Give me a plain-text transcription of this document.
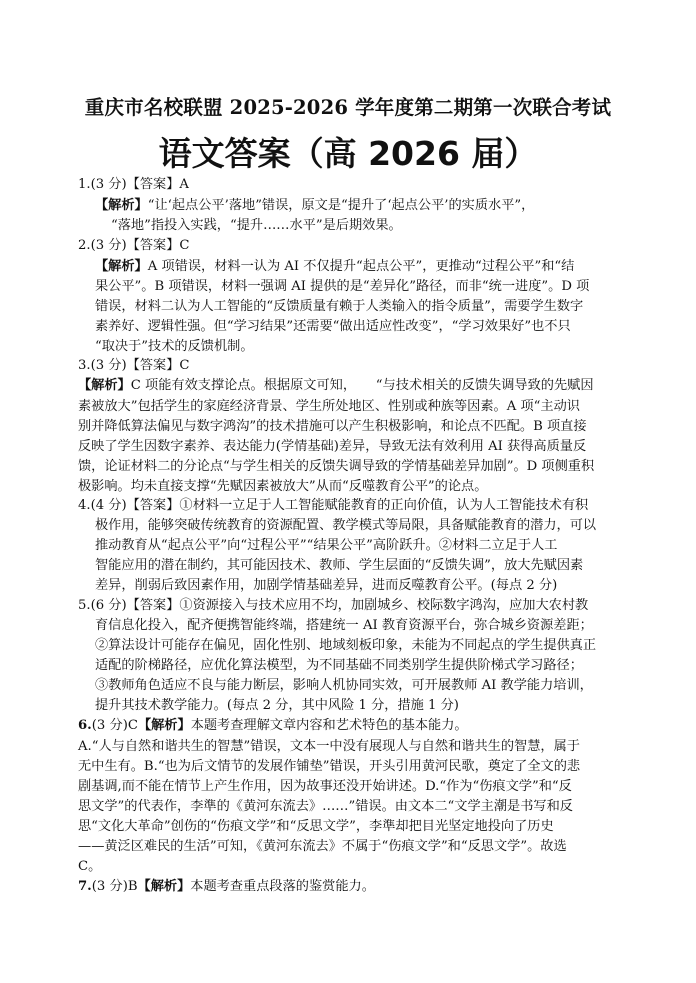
重庆市名校联盟 2025-2026 学年度第二期第一次联合考试
语文答案（高 2026 届）
1.(3 分)【答案】A
【解析】“让‘起点公平’落地”错误，原文是“提升了‘起点公平’的实质水平”，
“落地”指投入实践，“提升……水平”是后期效果。
2.(3 分)【答案】C
【解析】A 项错误，材料一认为 AI 不仅提升“起点公平”，更推动“过程公平”和“结
果公平”。B 项错误，材料一强调 AI 提供的是“差异化”路径，而非“统一进度”。D 项
错误，材料二认为人工智能的“反馈质量有赖于人类输入的指令质量”，需要学生数字
素养好、逻辑性强。但“学习结果”还需要“做出适应性改变”，“学习效果好”也不只
“取决于”技术的反馈机制。
3.(3 分)【答案】C
【解析】C 项能有效支撑论点。根据原文可知，　　“与技术相关的反馈失调导致的先赋因
素被放大”包括学生的家庭经济背景、学生所处地区、性别或种族等因素。A 项“主动识
别并降低算法偏见与数字鸿沟”的技术措施可以产生积极影响，和论点不匹配。B 项直接
反映了学生因数字素养、表达能力(学情基础)差异，导致无法有效利用 AI 获得高质量反
馈，论证材料二的分论点“与学生相关的反馈失调导致的学情基础差异加剧”。D 项侧重积
极影响。均未直接支撑“先赋因素被放大”从而“反噬教育公平”的论点。
4.(4 分)【答案】①材料一立足于人工智能赋能教育的正向价值，认为人工智能技术有积
极作用，能够突破传统教育的资源配置、教学模式等局限，具备赋能教育的潜力，可以
推动教育从“起点公平”向“过程公平”“结果公平”高阶跃升。②材料二立足于人工
智能应用的潜在制约，其可能因技术、教师、学生层面的“反馈失调”，放大先赋因素
差异，削弱后致因素作用，加剧学情基础差异，进而反噬教育公平。(每点 2 分)
5.(6 分)【答案】①资源接入与技术应用不均，加剧城乡、校际数字鸿沟，应加大农村教
育信息化投入，配齐便携智能终端，搭建统一 AI 教育资源平台，弥合城乡资源差距；
②算法设计可能存在偏见，固化性别、地域刻板印象，未能为不同起点的学生提供真正
适配的阶梯路径，应优化算法模型，为不同基础不同类别学生提供阶梯式学习路径；
③教师角色适应不良与能力断层，影响人机协同实效，可开展教师 AI 教学能力培训，
提升其技术教学能力。(每点 2 分，其中风险 1 分，措施 1 分)
6.(3 分)C【解析】本题考查理解文章内容和艺术特色的基本能力。
A.“人与自然和谐共生的智慧”错误，文本一中没有展现人与自然和谐共生的智慧，属于
无中生有。B.“也为后文情节的发展作铺垫”错误，开头引用黄河民歌，奠定了全文的悲
剧基调,而不能在情节上产生作用，因为故事还没开始讲述。D.“作为“伤痕文学”和“反
思文学”的代表作，李準的《黄河东流去》……”错误。由文本二“文学主潮是书写和反
思“文化大革命”创伤的“伤痕文学”和“反思文学”，李準却把目光坚定地投向了历史
——黄泛区难民的生活”可知，《黄河东流去》不属于“伤痕文学”和“反思文学”。故选
C。
7.(3 分)B【解析】本题考查重点段落的鉴赏能力。
